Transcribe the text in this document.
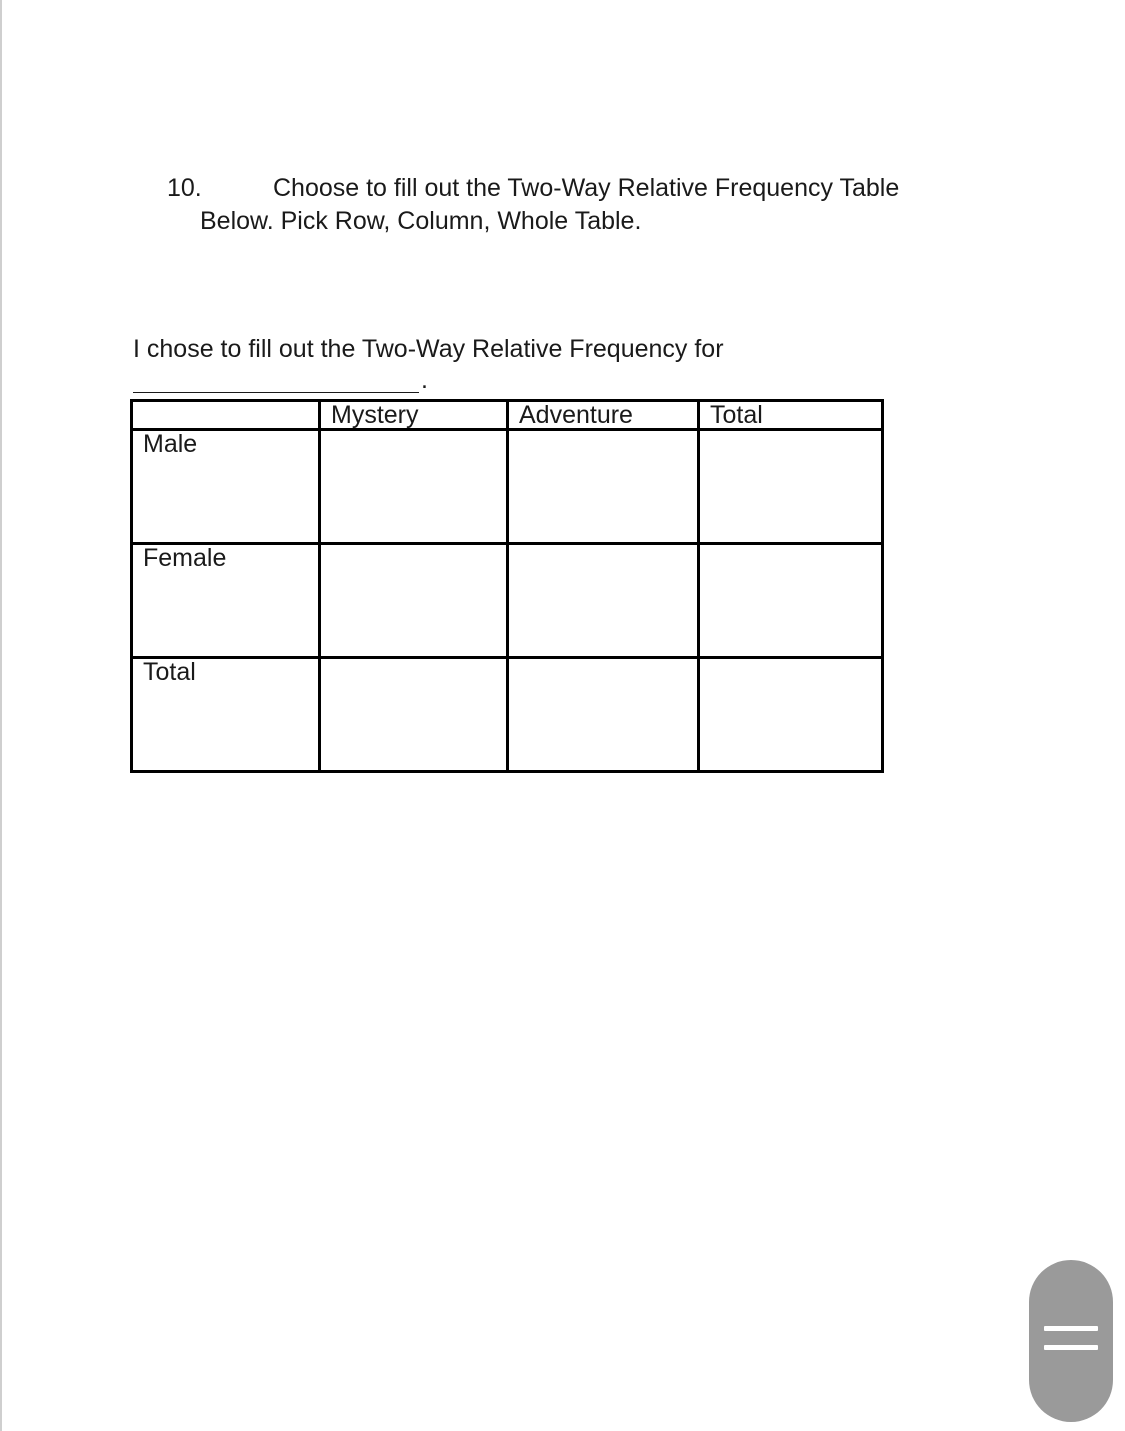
10.	Choose to fill out the Two-Way Relative Frequency Table
Below. Pick Row, Column, Whole Table.
I chose to fill out the Two-Way Relative Frequency for
.
	Mystery	Adventure	Total
Male			
Female			
Total			
